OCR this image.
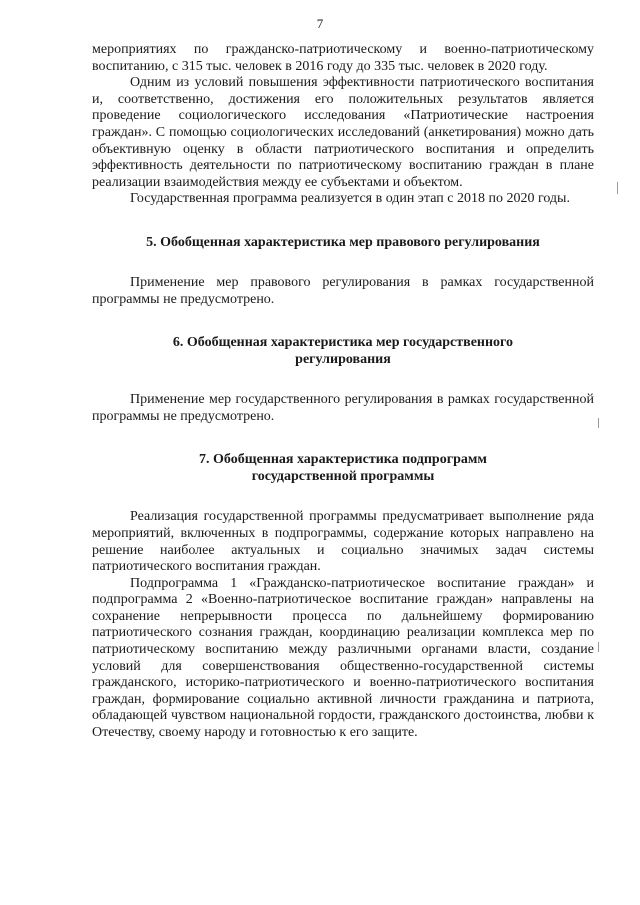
7

мероприятиях по гражданско-патриотическому и военно-патриотическому воспитанию, с 315 тыс. человек в 2016 году до 335 тыс. человек в 2020 году.

Одним из условий повышения эффективности патриотического воспитания и, соответственно, достижения его положительных результатов является проведение социологического исследования «Патриотические настроения граждан». С помощью социологических исследований (анкетирования) можно дать объективную оценку в области патриотического воспитания и определить эффективность деятельности по патриотическому воспитанию граждан в плане реализации взаимодействия между ее субъектами и объектом.

Государственная программа реализуется в один этап с 2018 по 2020 годы.

5. Обобщенная характеристика мер правового регулирования

Применение мер правового регулирования в рамках государственной программы не предусмотрено.

6. Обобщенная характеристика мер государственного

регулирования

Применение мер государственного регулирования в рамках государственной программы не предусмотрено.

7. Обобщенная характеристика подпрограмм

государственной программы

Реализация государственной программы предусматривает выполнение ряда мероприятий, включенных в подпрограммы, содержание которых направлено на решение наиболее актуальных и социально значимых задач системы патриотического воспитания граждан.

Подпрограмма 1 «Гражданско-патриотическое воспитание граждан» и подпрограмма 2 «Военно-патриотическое воспитание граждан» направлены на сохранение непрерывности процесса по дальнейшему формированию патриотического сознания граждан, координацию реализации комплекса мер по патриотическому воспитанию между различными органами власти, создание условий для совершенствования общественно-государственной системы гражданского, историко-патриотического и военно-патриотического воспитания граждан, формирование социально активной личности гражданина и патриота, обладающей чувством национальной гордости, гражданского достоинства, любви к Отечеству, своему народу и готовностью к его защите.
